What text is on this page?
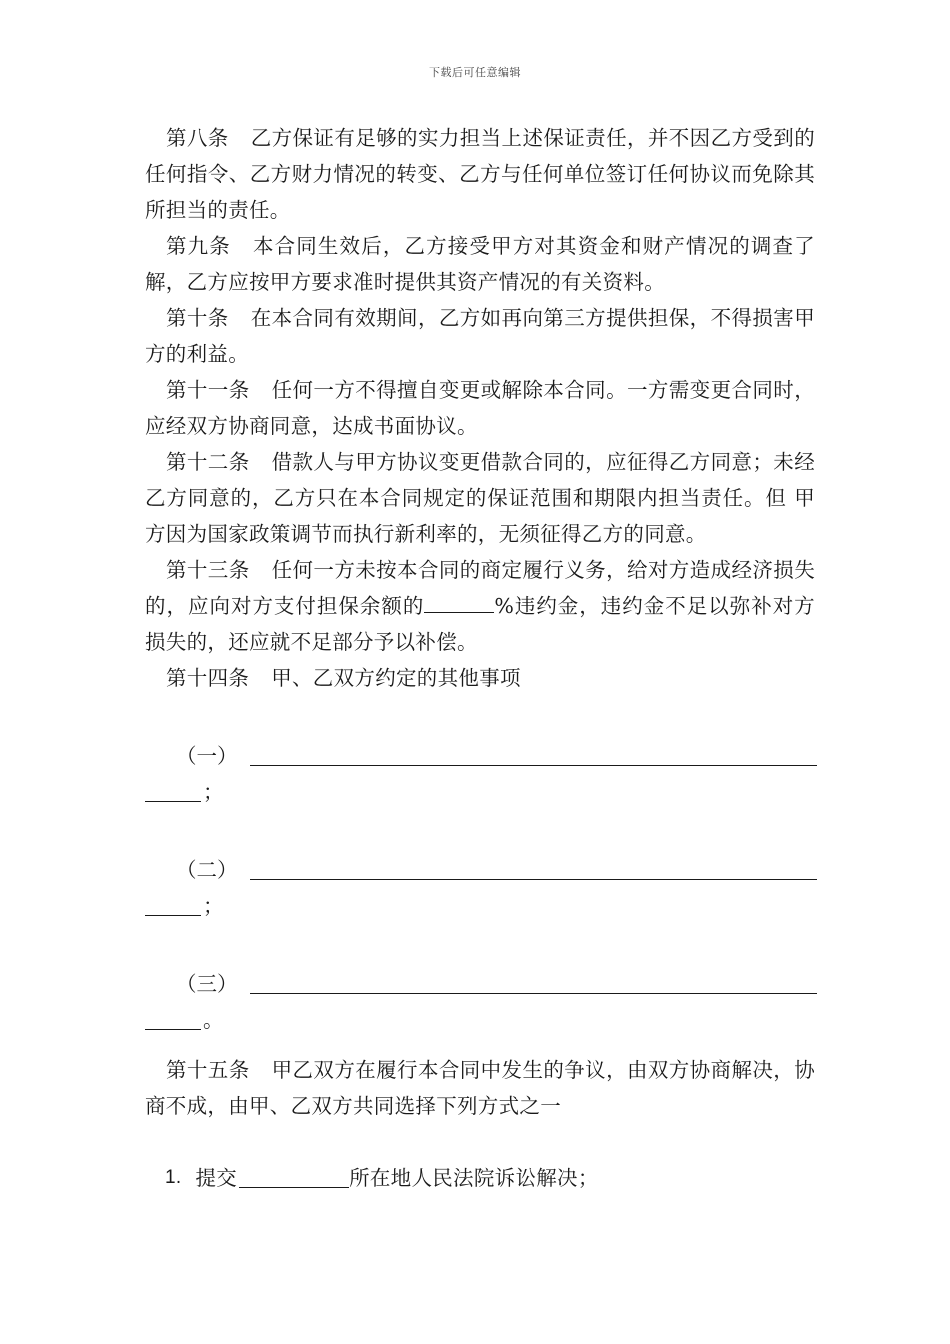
下载后可任意编辑

第八条 乙方保证有足够的实力担当上述保证责任，并不因乙方受到的任何指令、乙方财力情况的转变、乙方与任何单位签订任何协议而免除其所担当的责任。

第九条 本合同生效后，乙方接受甲方对其资金和财产情况的调查了解，乙方应按甲方要求准时提供其资产情况的有关资料。

第十条 在本合同有效期间，乙方如再向第三方提供担保，不得损害甲方的利益。

第十一条 任何一方不得擅自变更或解除本合同。一方需变更合同时，应经双方协商同意，达成书面协议。

第十二条 借款人与甲方协议变更借款合同的，应征得乙方同意；未经乙方同意的，乙方只在本合同规定的保证范围和期限内担当责任。但 甲方因为国家政策调节而执行新利率的，无须征得乙方的同意。

第十三条 任何一方未按本合同的商定履行义务，给对方造成经济损失的，应向对方支付担保余额的	%违约金，违约金不足以弥补对方损失的，还应就不足部分予以补偿。

第十四条 甲、乙双方约定的其他事项

（一）
；
（二）
；
（三）
。

第十五条 甲乙双方在履行本合同中发生的争议，由双方协商解决，协商不成，由甲、乙双方共同选择下列方式之一

1. 提交	所在地人民法院诉讼解决；
